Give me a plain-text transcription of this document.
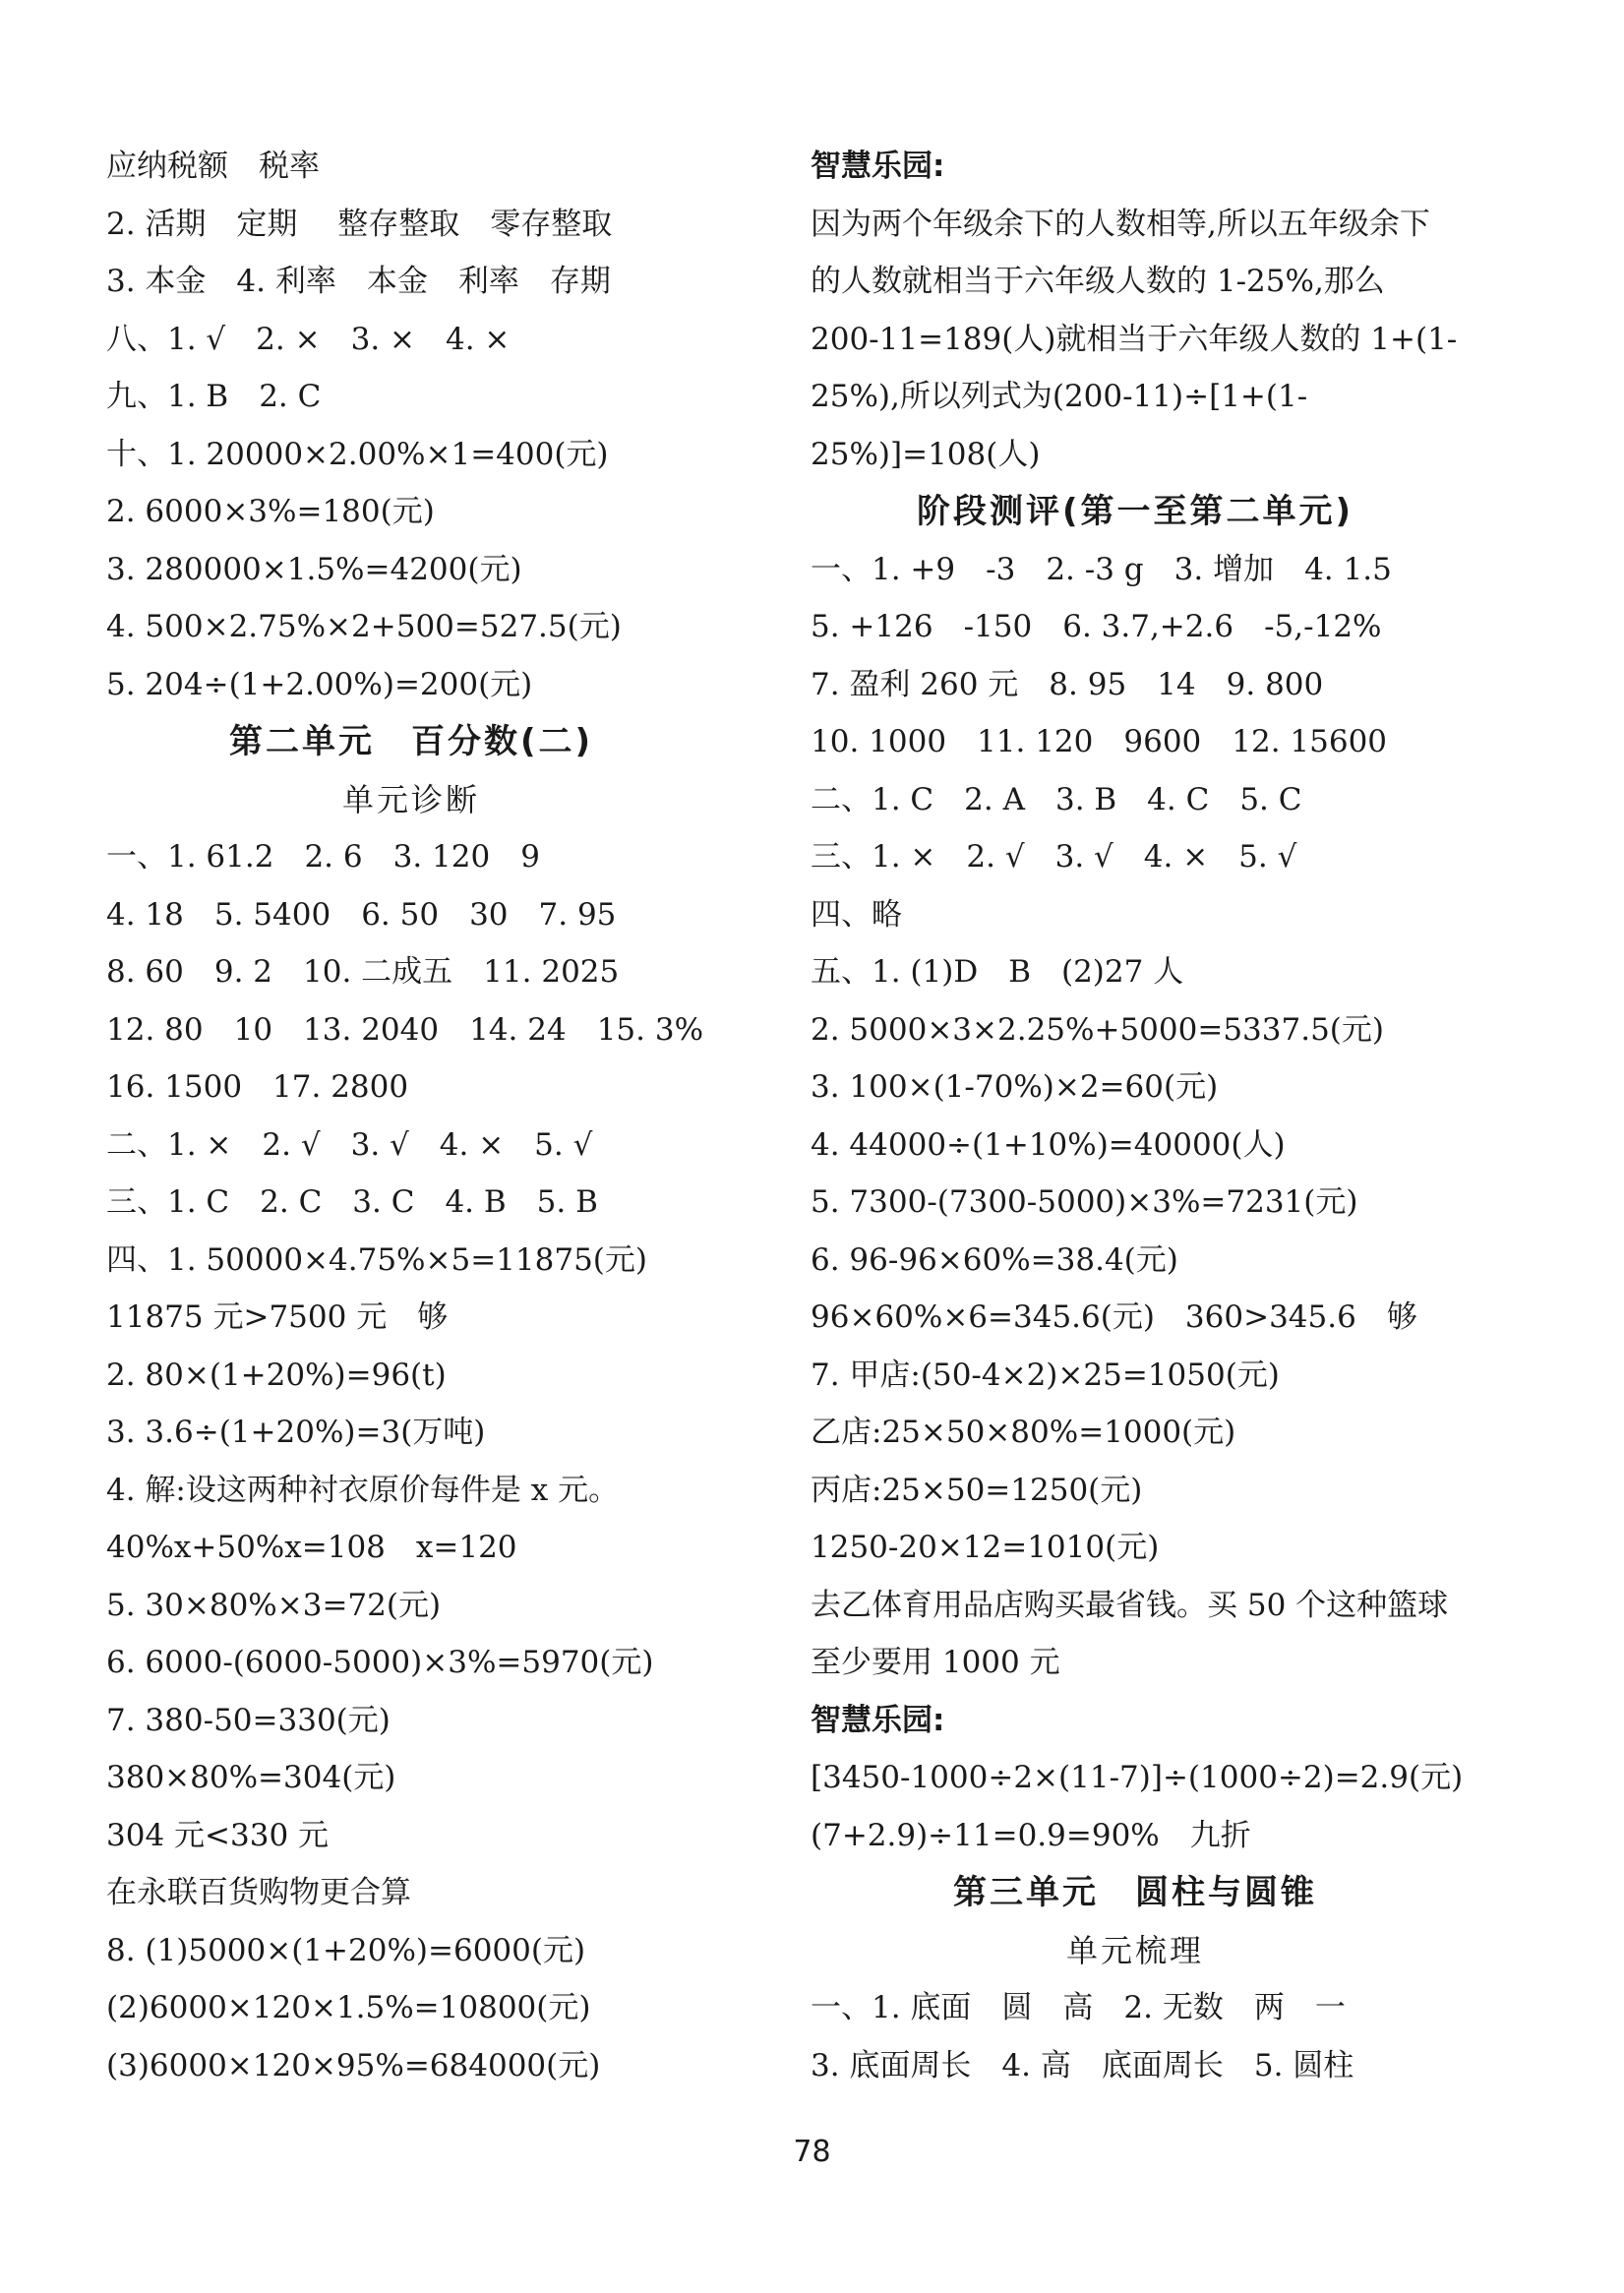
应纳税额　税率
2. 活期　定期　 整存整取　零存整取
3. 本金　4. 利率　本金　利率　存期
八、1. √　2. ×　3. ×　4. ×
九、1. B　2. C
十、1. 20000×2.00%×1=400(元)
2. 6000×3%=180(元)
3. 280000×1.5%=4200(元)
4. 500×2.75%×2+500=527.5(元)
5. 204÷(1+2.00%)=200(元)
第二单元　百分数(二)
单元诊断
一、1. 61.2　2. 6　3. 120　9
4. 18　5. 5400　6. 50　30　7. 95
8. 60　9. 2　10. 二成五　11. 2025
12. 80　10　13. 2040　14. 24　15. 3%
16. 1500　17. 2800
二、1. ×　2. √　3. √　4. ×　5. √
三、1. C　2. C　3. C　4. B　5. B
四、1. 50000×4.75%×5=11875(元)
11875 元>7500 元　够
2. 80×(1+20%)=96(t)
3. 3.6÷(1+20%)=3(万吨)
4. 解:设这两种衬衣原价每件是 x 元。
40%x+50%x=108　x=120
5. 30×80%×3=72(元)
6. 6000-(6000-5000)×3%=5970(元)
7. 380-50=330(元)
380×80%=304(元)
304 元<330 元
在永联百货购物更合算
8. (1)5000×(1+20%)=6000(元)
(2)6000×120×1.5%=10800(元)
(3)6000×120×95%=684000(元)
智慧乐园:
因为两个年级余下的人数相等,所以五年级余下的人数就相当于六年级人数的 1-25%,那么 200-11=189(人)就相当于六年级人数的 1+(1-25%),所以列式为(200-11)÷[1+(1-25%)]=108(人)
阶段测评(第一至第二单元)
一、1. +9　-3　2. -3 g　3. 增加　4. 1.5
5. +126　-150　6. 3.7,+2.6　-5,-12%
7. 盈利 260 元　8. 95　14　9. 800
10. 1000　11. 120　9600　12. 15600
二、1. C　2. A　3. B　4. C　5. C
三、1. ×　2. √　3. √　4. ×　5. √
四、略
五、1. (1)D　B　(2)27 人
2. 5000×3×2.25%+5000=5337.5(元)
3. 100×(1-70%)×2=60(元)
4. 44000÷(1+10%)=40000(人)
5. 7300-(7300-5000)×3%=7231(元)
6. 96-96×60%=38.4(元)
96×60%×6=345.6(元)　360>345.6　够
7. 甲店:(50-4×2)×25=1050(元)
乙店:25×50×80%=1000(元)
丙店:25×50=1250(元)
1250-20×12=1010(元)
去乙体育用品店购买最省钱。买 50 个这种篮球至少要用 1000 元
智慧乐园:
[3450-1000÷2×(11-7)]÷(1000÷2)=2.9(元)
(7+2.9)÷11=0.9=90%　九折
第三单元　圆柱与圆锥
单元梳理
一、1. 底面　圆　高　2. 无数　两　一
3. 底面周长　4. 高　底面周长　5. 圆柱
78
